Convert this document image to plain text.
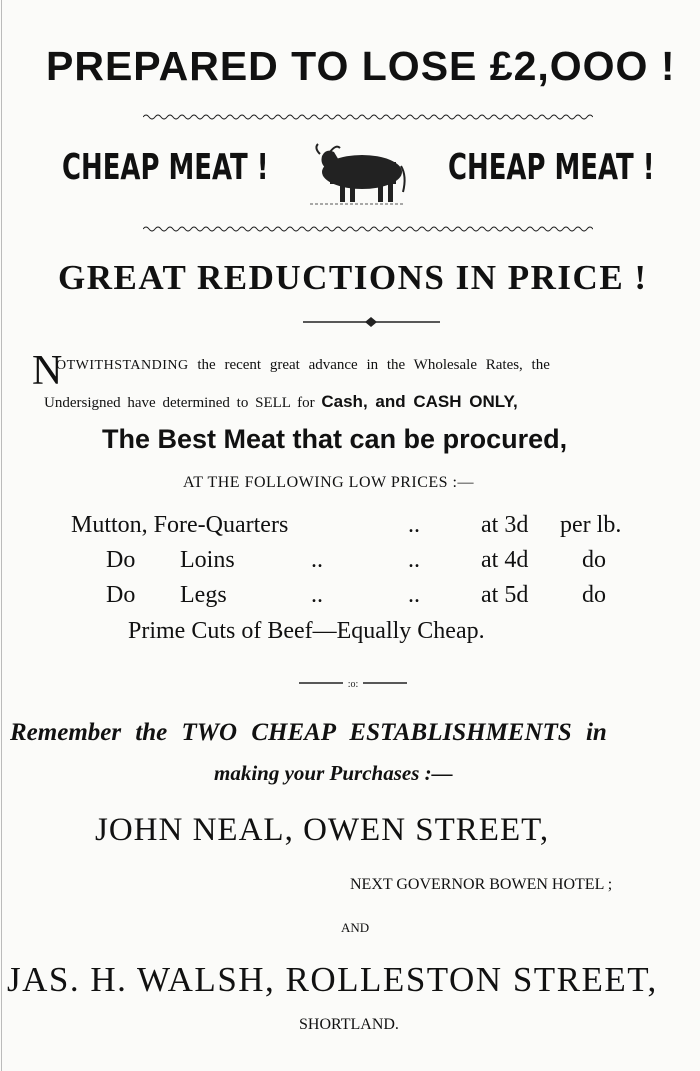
PREPARED TO LOSE £2,OOO !
CHEAP MEAT !	CHEAP MEAT !
GREAT REDUCTIONS IN PRICE !
N
OTWITHSTANDING the recent great advance in the Wholesale Rates, the
Undersigned have determined to SELL for Cash, and CASH ONLY,
The Best Meat that can be procured,
AT THE FOLLOWING LOW PRICES :—
Mutton, Fore-Quarters	..	at 3d per lb.
Do Loins	..	..	at 4d do
Do Legs	..	..	at 5d do
Prime Cuts of Beef—Equally Cheap.
:o:
Remember the TWO CHEAP ESTABLISHMENTS in
making your Purchases :—
JOHN NEAL, OWEN STREET,
NEXT GOVERNOR BOWEN HOTEL ;
AND
JAS. H. WALSH, ROLLESTON STREET,
SHORTLAND.
